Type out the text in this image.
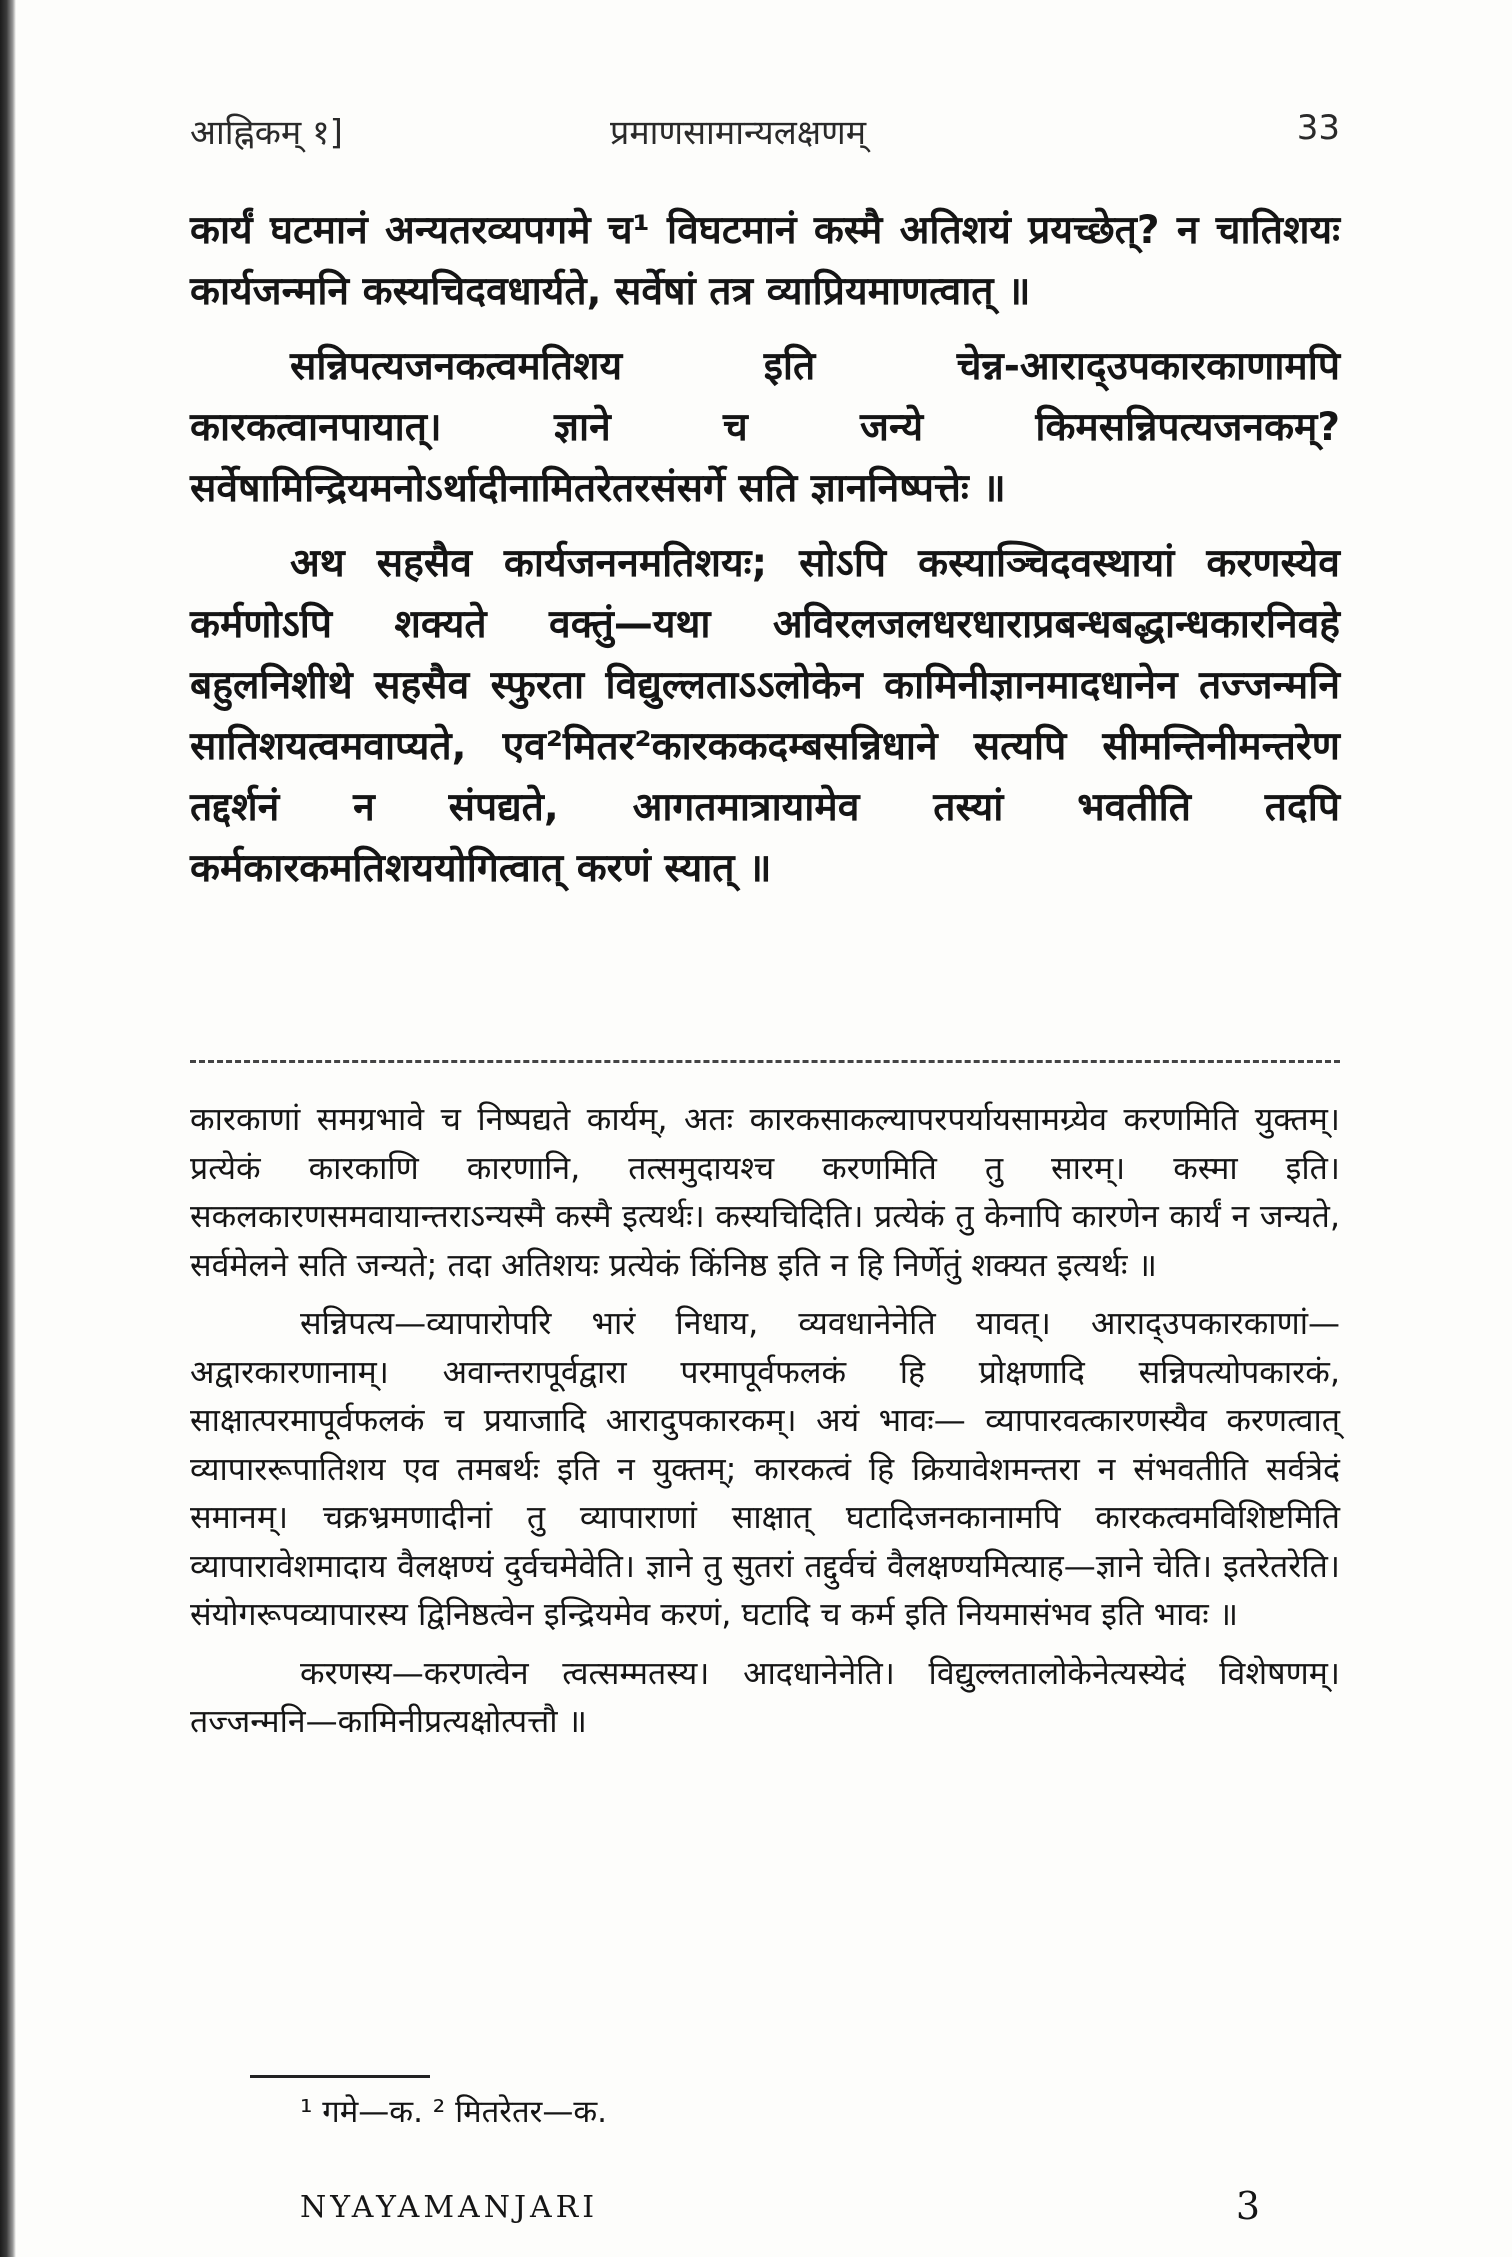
आह्निकम् १]	प्रमाणसामान्यलक्षणम्	33

कार्यं घटमानं अन्यतरव्यपगमे च¹ विघटमानं कस्मै अतिशयं प्रयच्छेत्? न चातिशयः कार्यजन्मनि कस्यचिदवधार्यते, सर्वेषां तत्र व्याप्रियमाणत्वात् ॥

सन्निपत्यजनकत्वमतिशय इति चेन्न-आराद्‌उपकारकाणामपि कारकत्वानपायात्। ज्ञाने च जन्ये किमसन्निपत्यजनकम्? सर्वेषामिन्द्रियमनोऽर्थादीनामितरेतरसंसर्गे सति ज्ञाननिष्पत्तेः ॥

अथ सहसैव कार्यजननमतिशयः; सोऽपि कस्याञ्चिदवस्थायां करणस्येव कर्मणोऽपि शक्यते वक्तुं—यथा अविरलजलधरधाराप्रबन्धबद्धान्धकारनिवहे बहुलनिशीथे सहसैव स्फुरता विद्युल्लताऽऽलोकेन कामिनीज्ञानमादधानेन तज्जन्मनि सातिशयत्वमवाप्यते, एव²मितर²कारककदम्बसन्निधाने सत्यपि सीमन्तिनीमन्तरेण तद्दर्शनं न संपद्यते, आगतमात्रायामेव तस्यां भवतीति तदपि कर्मकारकमतिशययोगित्वात् करणं स्यात् ॥

कारकाणां समग्रभावे च निष्पद्यते कार्यम्, अतः कारकसाकल्यापरपर्यायसामग्र्येव करणमिति युक्तम्। प्रत्येकं कारकाणि कारणानि, तत्समुदायश्च करणमिति तु सारम्। कस्मा इति। सकलकारणसमवायान्तराऽन्यस्मै कस्मै इत्यर्थः। कस्यचिदिति। प्रत्येकं तु केनापि कारणेन कार्यं न जन्यते, सर्वमेलने सति जन्यते; तदा अतिशयः प्रत्येकं किंनिष्ठ इति न हि निर्णेतुं शक्यत इत्यर्थः ॥

सन्निपत्य—व्यापारोपरि भारं निधाय, व्यवधानेनेति यावत्। आराद्‌उपकारकाणां—अद्वारकारणानाम्। अवान्तरापूर्वद्वारा परमापूर्वफलकं हि प्रोक्षणादि सन्निपत्योपकारकं, साक्षात्परमापूर्वफलकं च प्रयाजादि आरादुपकारकम्। अयं भावः— व्यापारवत्कारणस्यैव करणत्वात् व्यापाररूपातिशय एव तमबर्थः इति न युक्तम्; कारकत्वं हि क्रियावेशमन्तरा न संभवतीति सर्वत्रेदं समानम्। चक्रभ्रमणादीनां तु व्यापाराणां साक्षात् घटादिजनकानामपि कारकत्वमविशिष्टमिति व्यापारावेशमादाय वैलक्षण्यं दुर्वचमेवेति। ज्ञाने तु सुतरां तद्दुर्वचं वैलक्षण्यमित्याह—ज्ञाने चेति। इतरेतरेति। संयोगरूपव्यापारस्य द्विनिष्ठत्वेन इन्द्रियमेव करणं, घटादि च कर्म इति नियमासंभव इति भावः ॥

करणस्य—करणत्वेन त्वत्सम्मतस्य। आदधानेनेति। विद्युल्लतालोकेनेत्यस्येदं विशेषणम्। तज्जन्मनि—कामिनीप्रत्यक्षोत्पत्तौ ॥

¹ गमे—क. ² मितरेतर—क.
NYAYAMANJARI	3
